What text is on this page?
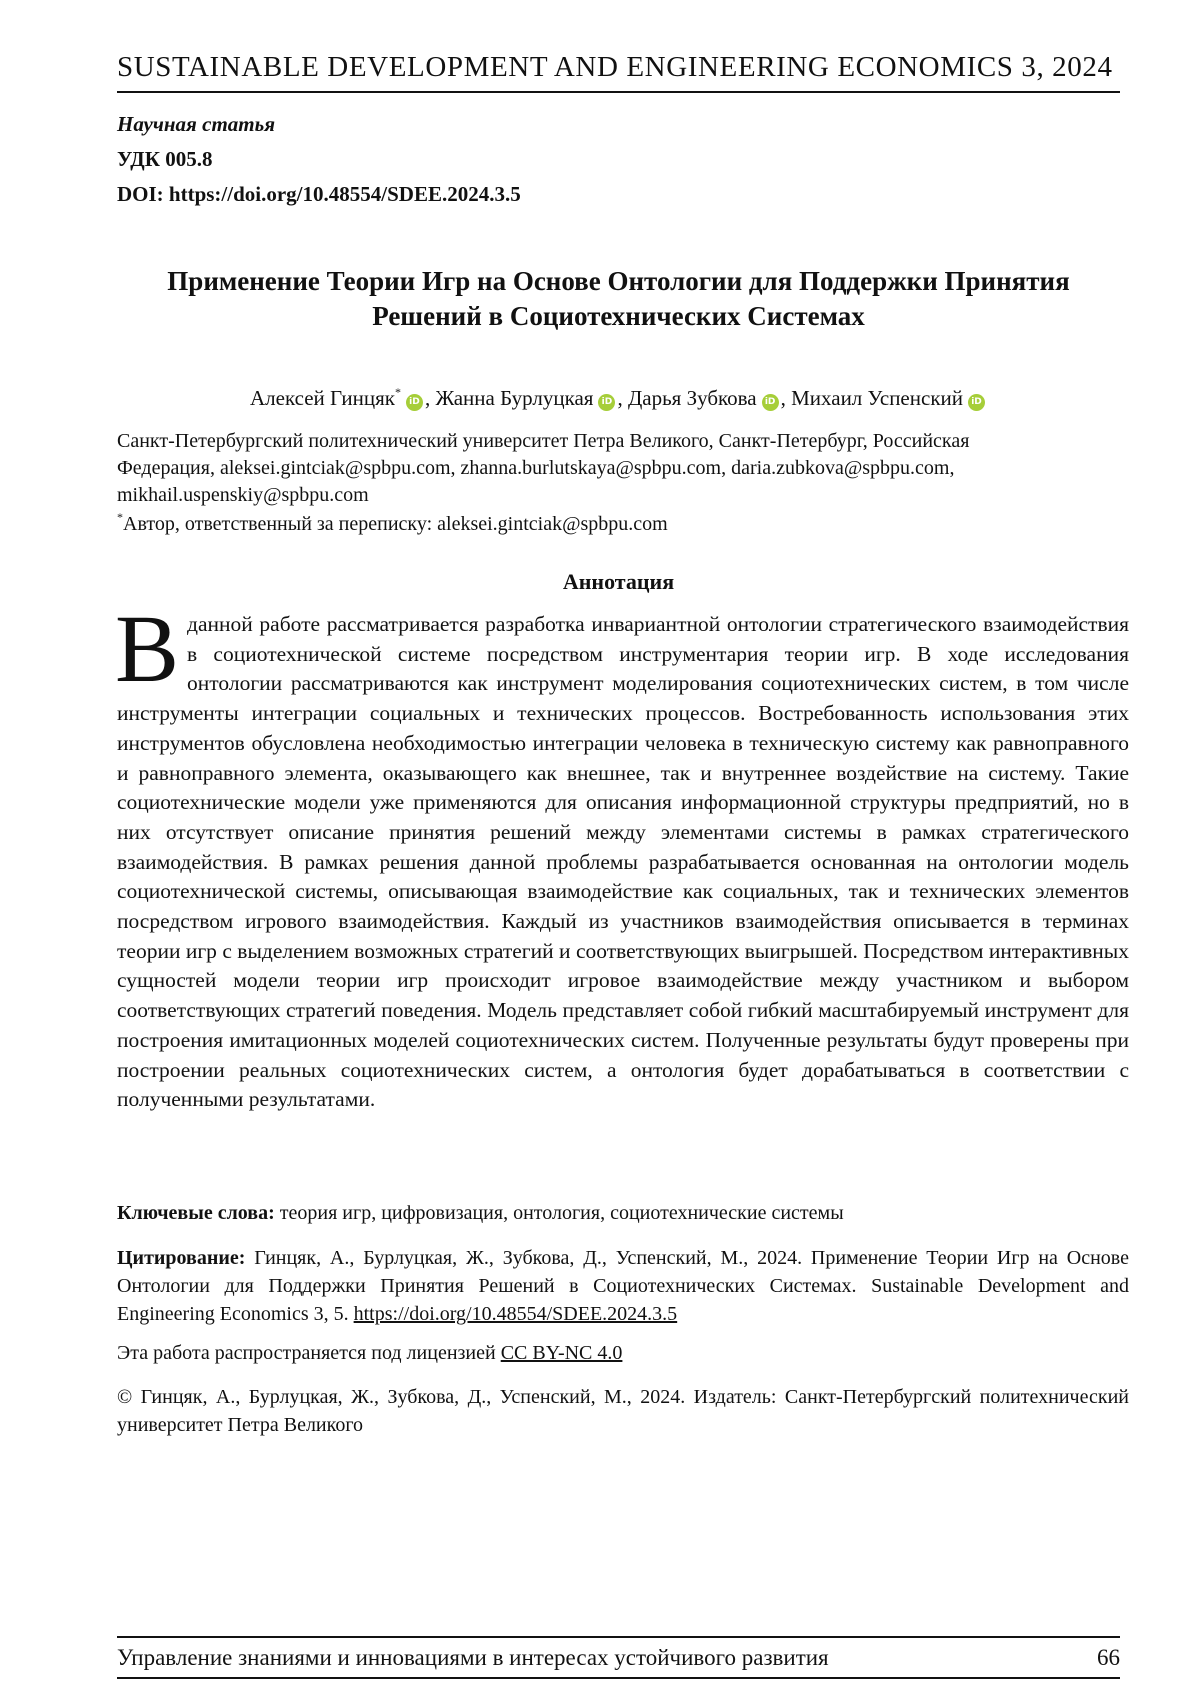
SUSTAINABLE DEVELOPMENT AND ENGINEERING ECONOMICS 3, 2024
Научная статья
УДК 005.8
DOI: https://doi.org/10.48554/SDEE.2024.3.5
Применение Теории Игр на Основе Онтологии для Поддержки Принятия
Решений в Социотехнических Системах
Алексей Гинцяк*iD , Жанна Бурлуцкая iD , Дарья Зубкова iD , Михаил Успенский iD
Санкт-Петербургский политехнический университет Петра Великого, Санкт-Петербург, Российская
Федерация, aleksei.gintciak@spbpu.com, zhanna.burlutskaya@spbpu.com, daria.zubkova@spbpu.com,
mikhail.uspenskiy@spbpu.com
*Автор, ответственный за переписку: aleksei.gintciak@spbpu.com
Аннотация
В данной работе рассматривается разработка инвариантной онтологии стратегического взаимодействия в социотехнической системе посредством инструментария теории игр. В ходе исследования онтологии рассматриваются как инструмент моделирования социотехнических систем, в том числе инструменты интеграции социальных и технических процессов. Востребованность использования этих инструментов обусловлена необходимостью интеграции человека в техническую систему как равноправного и равноправного элемента, оказывающего как внешнее, так и внутреннее воздействие на систему. Такие социотехнические модели уже применяются для описания информационной структуры предприятий, но в них отсутствует описание принятия решений между элементами системы в рамках стратегического взаимодействия. В рамках решения данной проблемы разрабатывается основанная на онтологии модель социотехнической системы, описывающая взаимодействие как социальных, так и технических элементов посредством игрового взаимодействия. Каждый из участников взаимодействия описывается в терминах теории игр с выделением возможных стратегий и соответствующих выигрышей. Посредством интерактивных сущностей модели теории игр происходит игровое взаимодействие между участником и выбором соответствующих стратегий поведения. Модель представляет собой гибкий масштабируемый инструмент для построения имитационных моделей социотехнических систем. Полученные результаты будут проверены при построении реальных социотехнических систем, а онтология будет дорабатываться в соответствии с полученными результатами.
Ключевые слова: теория игр, цифровизация, онтология, социотехнические системы
Цитирование: Гинцяк, А., Бурлуцкая, Ж., Зубкова, Д., Успенский, М., 2024. Применение Теории Игр на Основе Онтологии для Поддержки Принятия Решений в Социотехнических Системах. Sustainable Development and Engineering Economics 3, 5. https://doi.org/10.48554/SDEE.2024.3.5
Эта работа распространяется под лицензией CC BY-NC 4.0
© Гинцяк, А., Бурлуцкая, Ж., Зубкова, Д., Успенский, М., 2024. Издатель: Санкт-Петербургский политехнический университет Петра Великого
Управление знаниями и инновациями в интересах устойчивого развития	66
